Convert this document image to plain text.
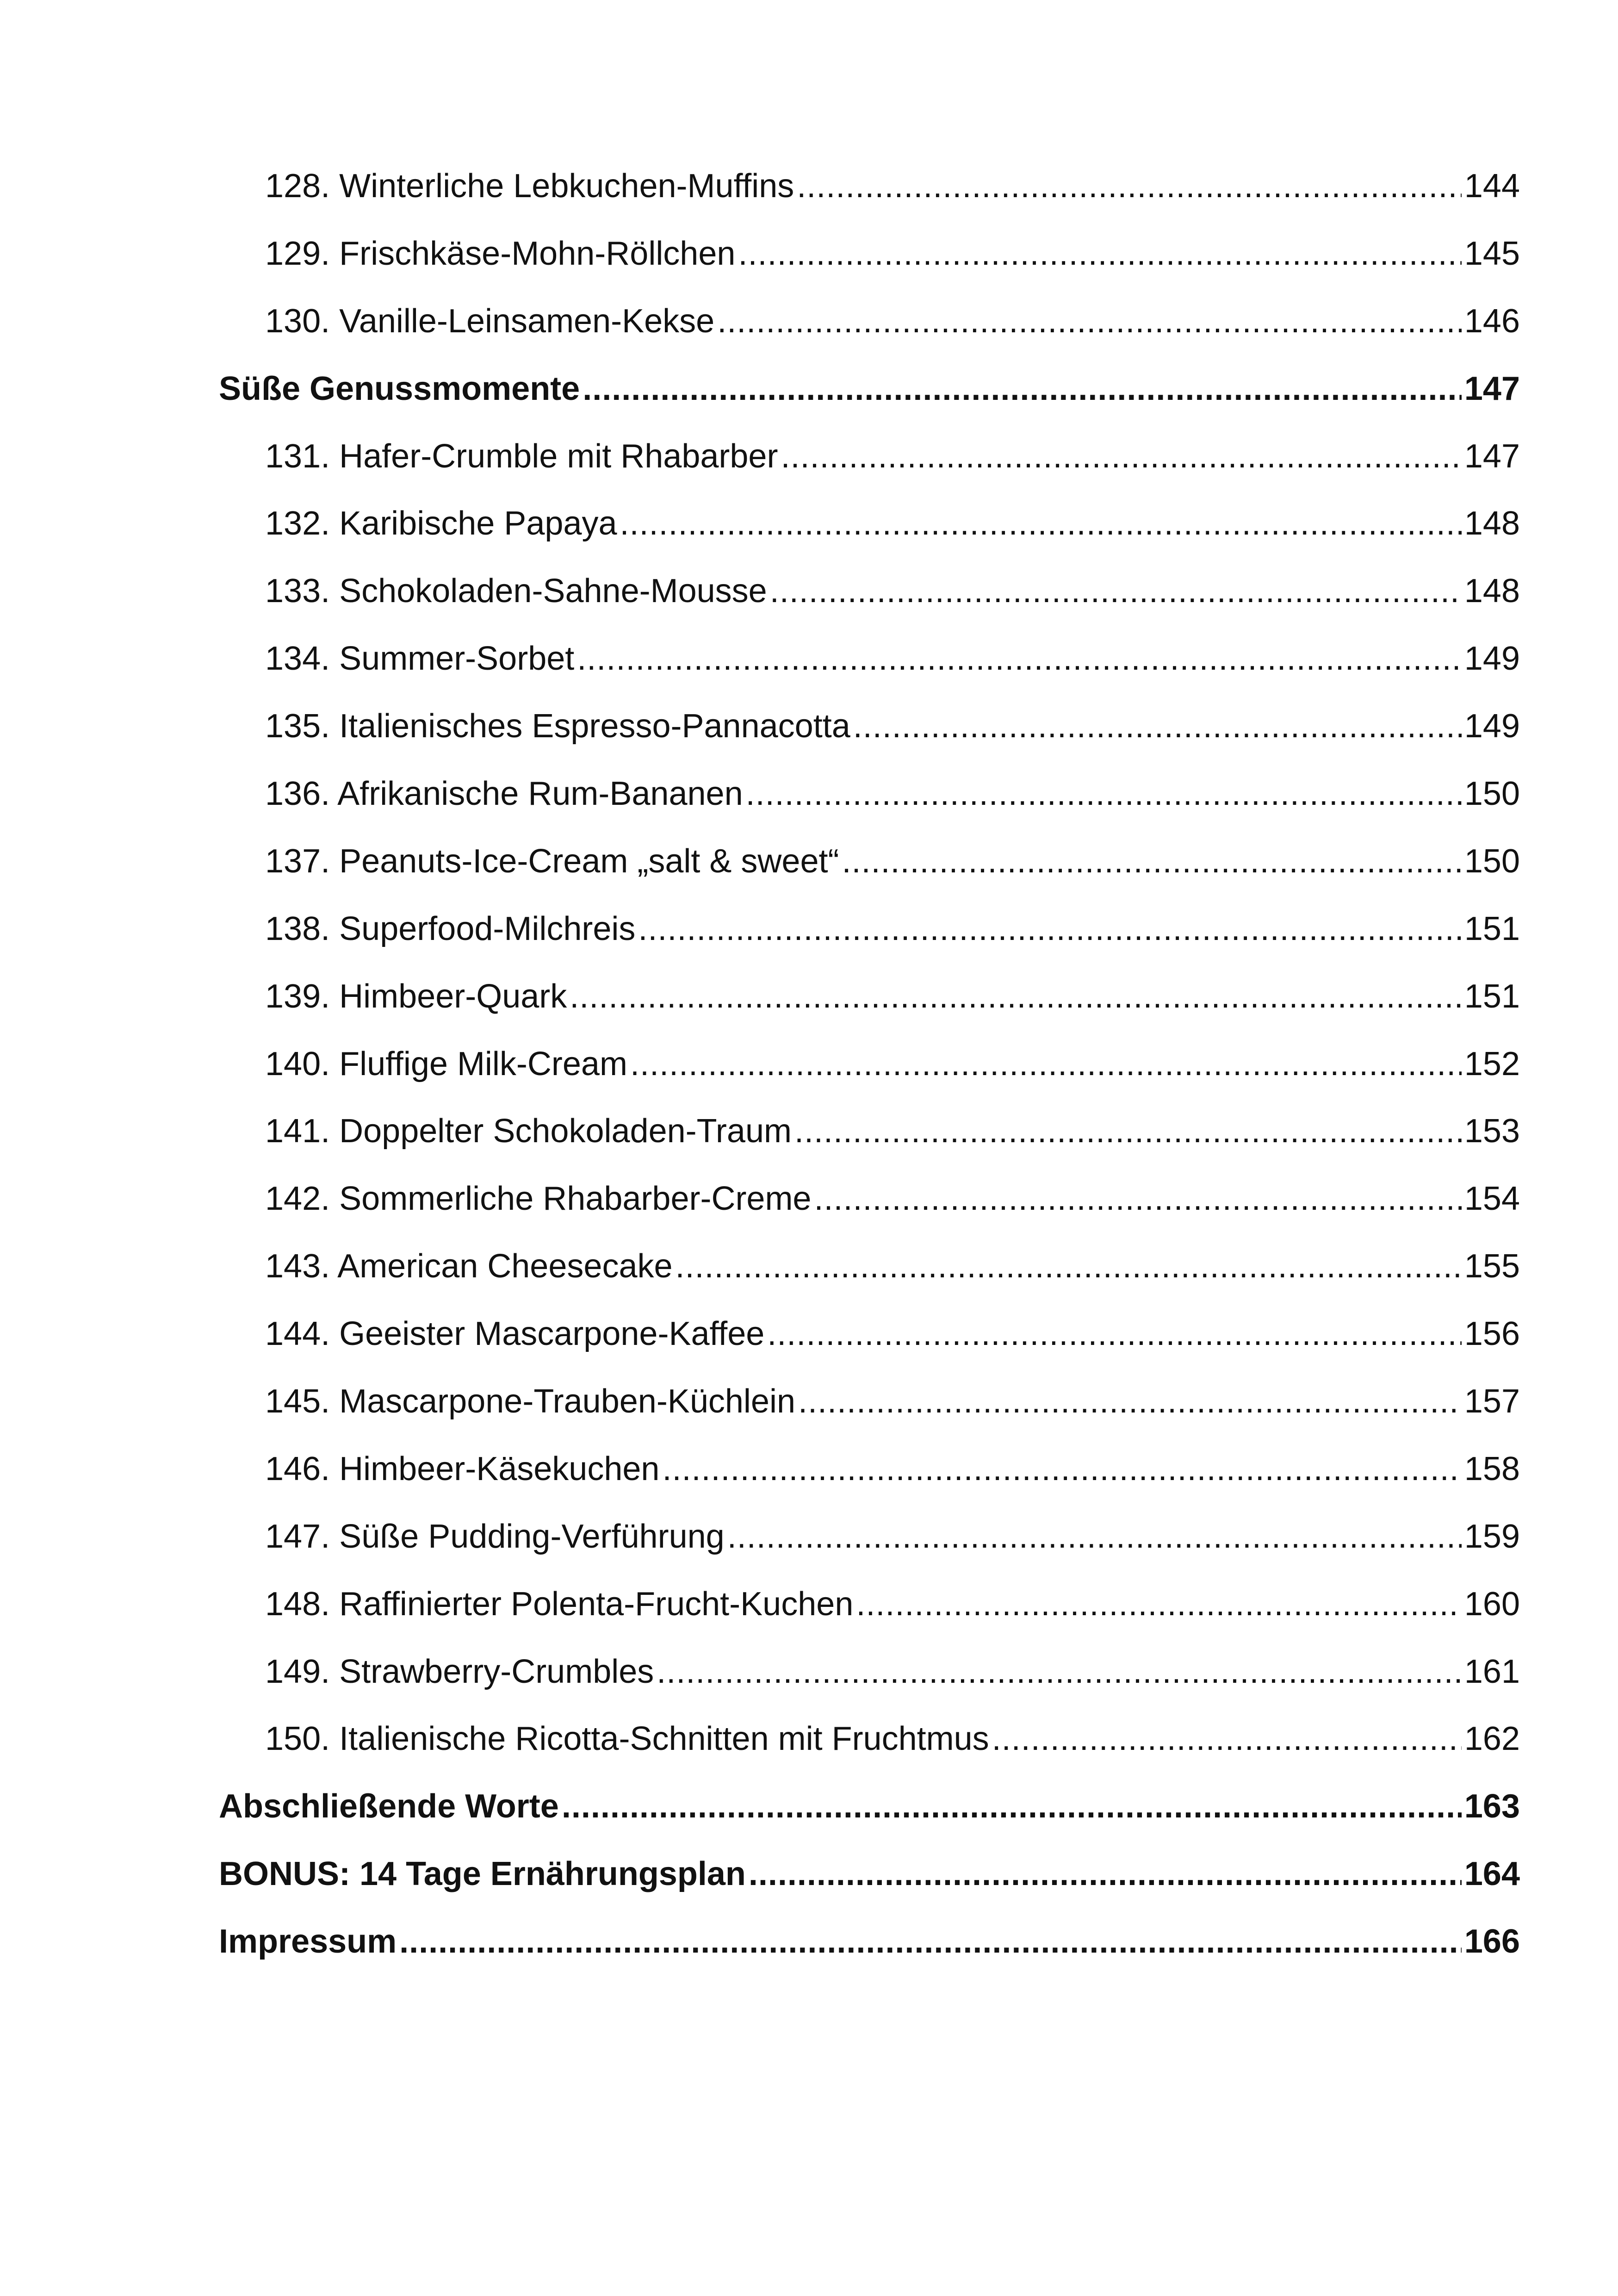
128. Winterliche Lebkuchen-Muffins .....	144
129. Frischkäse-Mohn-Röllchen .....	145
130. Vanille-Leinsamen-Kekse .....	146
Süße Genussmomente .....	147
131. Hafer-Crumble mit Rhabarber .....	147
132. Karibische Papaya .....	148
133. Schokoladen-Sahne-Mousse .....	148
134. Summer-Sorbet .....	149
135. Italienisches Espresso-Pannacotta .....	149
136. Afrikanische Rum-Bananen .....	150
137. Peanuts-Ice-Cream „salt & sweet“ .....	150
138. Superfood-Milchreis .....	151
139. Himbeer-Quark .....	151
140. Fluffige Milk-Cream .....	152
141. Doppelter Schokoladen-Traum .....	153
142. Sommerliche Rhabarber-Creme .....	154
143. American Cheesecake .....	155
144. Geeister Mascarpone-Kaffee .....	156
145. Mascarpone-Trauben-Küchlein .....	157
146. Himbeer-Käsekuchen .....	158
147. Süße Pudding-Verführung .....	159
148. Raffinierter Polenta-Frucht-Kuchen .....	160
149. Strawberry-Crumbles .....	161
150. Italienische Ricotta-Schnitten mit Fruchtmus .....	162
Abschließende Worte .....	163
BONUS: 14 Tage Ernährungsplan .....	164
Impressum .....	166
